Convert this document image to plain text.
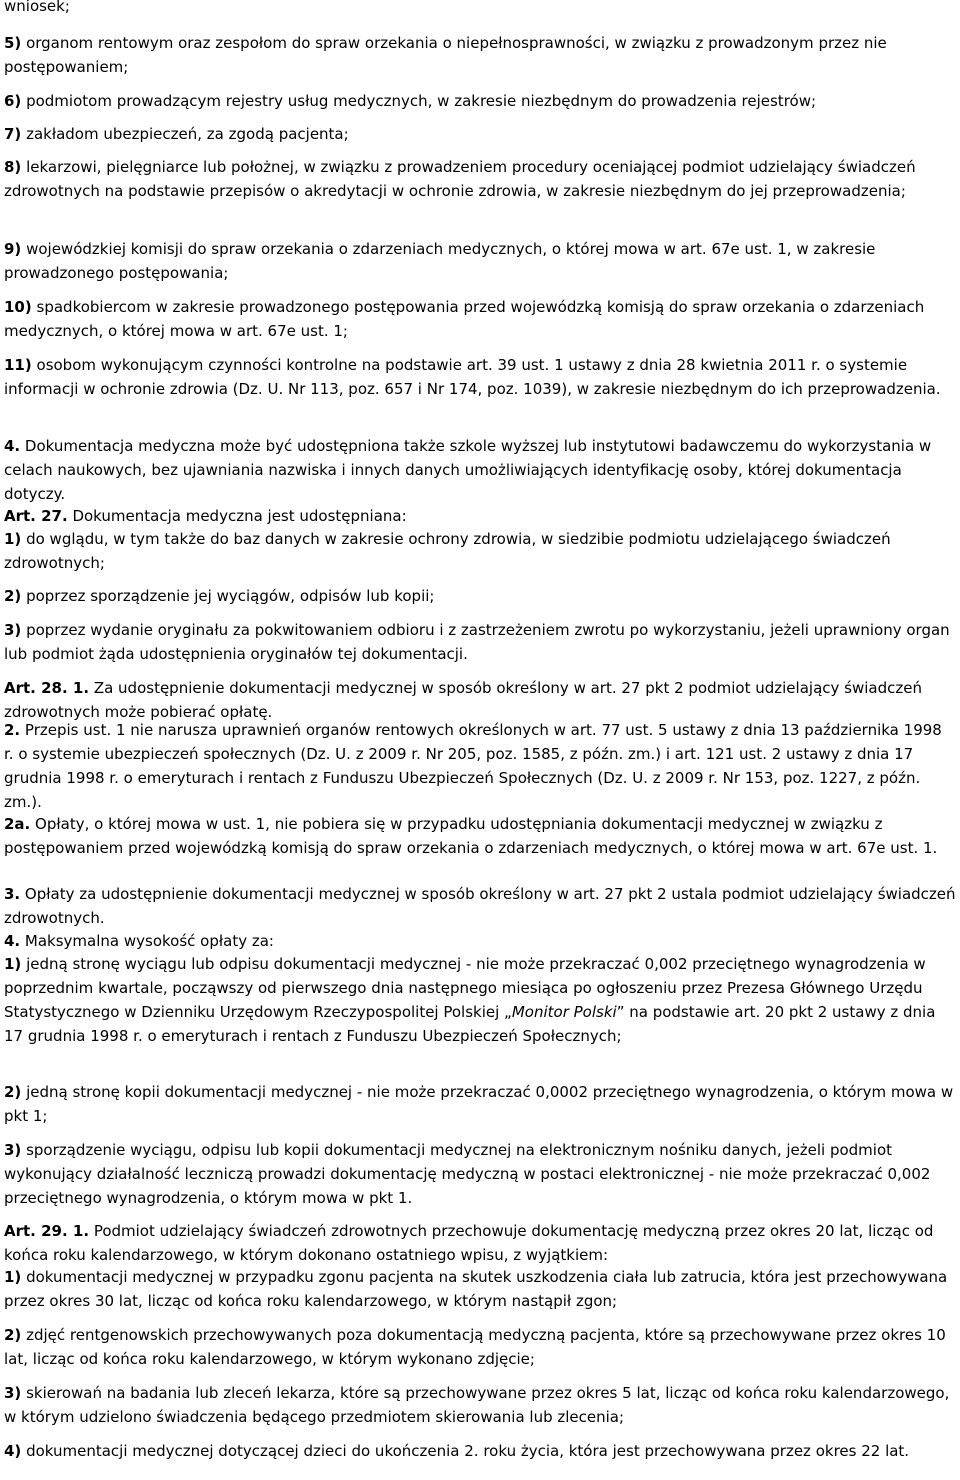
wniosek;

5) organom rentowym oraz zespołom do spraw orzekania o niepełnosprawności, w związku z prowadzonym przez nie postępowaniem;

6) podmiotom prowadzącym rejestry usług medycznych, w zakresie niezbędnym do prowadzenia rejestrów;

7) zakładom ubezpieczeń, za zgodą pacjenta;

8) lekarzowi, pielęgniarce lub położnej, w związku z prowadzeniem procedury oceniającej podmiot udzielający świadczeń zdrowotnych na podstawie przepisów o akredytacji w ochronie zdrowia, w zakresie niezbędnym do jej przeprowadzenia;

9) wojewódzkiej komisji do spraw orzekania o zdarzeniach medycznych, o której mowa w art. 67e ust. 1, w zakresie prowadzonego postępowania;

10) spadkobiercom w zakresie prowadzonego postępowania przed wojewódzką komisją do spraw orzekania o zdarzeniach medycznych, o której mowa w art. 67e ust. 1;

11) osobom wykonującym czynności kontrolne na podstawie art. 39 ust. 1 ustawy z dnia 28 kwietnia 2011 r. o systemie informacji w ochronie zdrowia (Dz. U. Nr 113, poz. 657 i Nr 174, poz. 1039), w zakresie niezbędnym do ich przeprowadzenia.

4. Dokumentacja medyczna może być udostępniona także szkole wyższej lub instytutowi badawczemu do wykorzystania w celach naukowych, bez ujawniania nazwiska i innych danych umożliwiających identyfikację osoby, której dokumentacja dotyczy.

Art. 27. Dokumentacja medyczna jest udostępniana:

1) do wglądu, w tym także do baz danych w zakresie ochrony zdrowia, w siedzibie podmiotu udzielającego świadczeń zdrowotnych;

2) poprzez sporządzenie jej wyciągów, odpisów lub kopii;

3) poprzez wydanie oryginału za pokwitowaniem odbioru i z zastrzeżeniem zwrotu po wykorzystaniu, jeżeli uprawniony organ lub podmiot żąda udostępnienia oryginałów tej dokumentacji.

Art. 28. 1. Za udostępnienie dokumentacji medycznej w sposób określony w art. 27 pkt 2 podmiot udzielający świadczeń zdrowotnych może pobierać opłatę.

2. Przepis ust. 1 nie narusza uprawnień organów rentowych określonych w art. 77 ust. 5 ustawy z dnia 13 października 1998 r. o systemie ubezpieczeń społecznych (Dz. U. z 2009 r. Nr 205, poz. 1585, z późn. zm.) i art. 121 ust. 2 ustawy z dnia 17 grudnia 1998 r. o emeryturach i rentach z Funduszu Ubezpieczeń Społecznych (Dz. U. z 2009 r. Nr 153, poz. 1227, z późn. zm.).

2a. Opłaty, o której mowa w ust. 1, nie pobiera się w przypadku udostępniania dokumentacji medycznej w związku z postępowaniem przed wojewódzką komisją do spraw orzekania o zdarzeniach medycznych, o której mowa w art. 67e ust. 1.

3. Opłaty za udostępnienie dokumentacji medycznej w sposób określony w art. 27 pkt 2 ustala podmiot udzielający świadczeń zdrowotnych.

4. Maksymalna wysokość opłaty za:

1) jedną stronę wyciągu lub odpisu dokumentacji medycznej - nie może przekraczać 0,002 przeciętnego wynagrodzenia w poprzednim kwartale, począwszy od pierwszego dnia następnego miesiąca po ogłoszeniu przez Prezesa Głównego Urzędu Statystycznego w Dzienniku Urzędowym Rzeczypospolitej Polskiej „Monitor Polski” na podstawie art. 20 pkt 2 ustawy z dnia 17 grudnia 1998 r. o emeryturach i rentach z Funduszu Ubezpieczeń Społecznych;

2) jedną stronę kopii dokumentacji medycznej - nie może przekraczać 0,0002 przeciętnego wynagrodzenia, o którym mowa w pkt 1;

3) sporządzenie wyciągu, odpisu lub kopii dokumentacji medycznej na elektronicznym nośniku danych, jeżeli podmiot wykonujący działalność leczniczą prowadzi dokumentację medyczną w postaci elektronicznej - nie może przekraczać 0,002 przeciętnego wynagrodzenia, o którym mowa w pkt 1.

Art. 29. 1. Podmiot udzielający świadczeń zdrowotnych przechowuje dokumentację medyczną przez okres 20 lat, licząc od końca roku kalendarzowego, w którym dokonano ostatniego wpisu, z wyjątkiem:

1) dokumentacji medycznej w przypadku zgonu pacjenta na skutek uszkodzenia ciała lub zatrucia, która jest przechowywana przez okres 30 lat, licząc od końca roku kalendarzowego, w którym nastąpił zgon;

2) zdjęć rentgenowskich przechowywanych poza dokumentacją medyczną pacjenta, które są przechowywane przez okres 10 lat, licząc od końca roku kalendarzowego, w którym wykonano zdjęcie;

3) skierowań na badania lub zleceń lekarza, które są przechowywane przez okres 5 lat, licząc od końca roku kalendarzowego, w którym udzielono świadczenia będącego przedmiotem skierowania lub zlecenia;

4) dokumentacji medycznej dotyczącej dzieci do ukończenia 2. roku życia, która jest przechowywana przez okres 22 lat.
